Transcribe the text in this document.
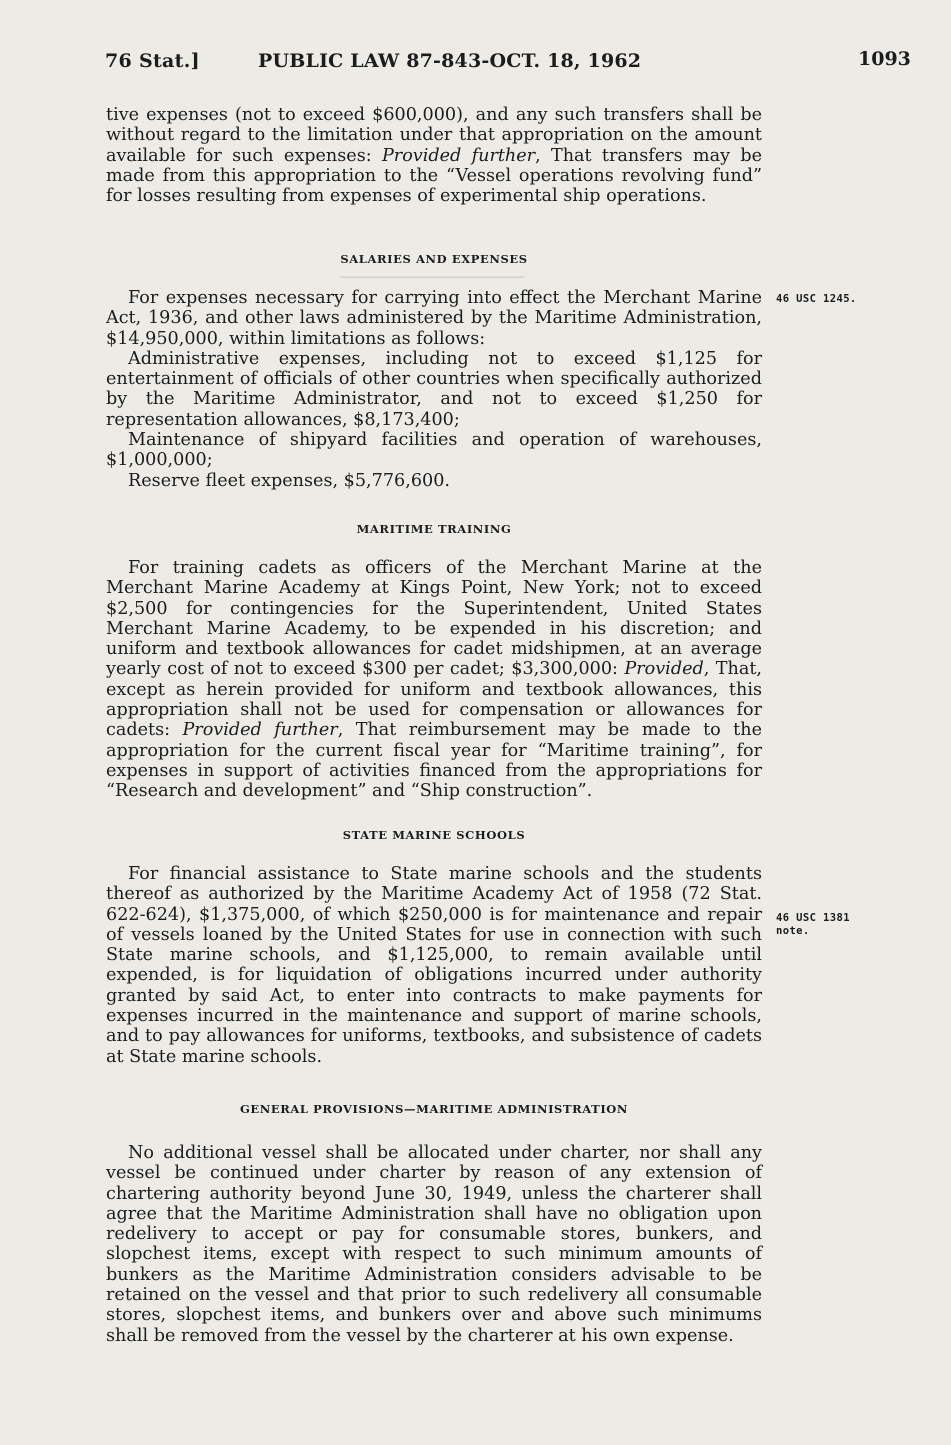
──────────────────
76 Stat.]	PUBLIC LAW 87-843-OCT. 18, 1962	1093

tive expenses (not to exceed $600,000), and any such transfers shall be without regard to the limitation under that appropriation on the amount available for such expenses: Provided further, That transfers may be made from this appropriation to the “Vessel operations revolving fund” for losses resulting from expenses of experimental ship operations.

SALARIES AND EXPENSES

For expenses necessary for carrying into effect the Merchant Marine Act, 1936, and other laws administered by the Maritime Administration, $14,950,000, within limitations as follows:

Administrative expenses, including not to exceed $1,125 for entertainment of officials of other countries when specifically authorized by the Maritime Administrator, and not to exceed $1,250 for representation allowances, $8,173,400;

Maintenance of shipyard facilities and operation of warehouses, $1,000,000;

Reserve fleet expenses, $5,776,600.

MARITIME TRAINING

For training cadets as officers of the Merchant Marine at the Merchant Marine Academy at Kings Point, New York; not to exceed $2,500 for contingencies for the Superintendent, United States Merchant Marine Academy, to be expended in his discretion; and uniform and textbook allowances for cadet midshipmen, at an average yearly cost of not to exceed $300 per cadet; $3,300,000: Provided, That, except as herein provided for uniform and textbook allowances, this appropriation shall not be used for compensation or allowances for cadets: Provided further, That reimbursement may be made to the appropriation for the current fiscal year for “Maritime training”, for expenses in support of activities financed from the appropriations for “Research and development” and “Ship construction”.

STATE MARINE SCHOOLS

For financial assistance to State marine schools and the students thereof as authorized by the Maritime Academy Act of 1958 (72 Stat. 622-624), $1,375,000, of which $250,000 is for maintenance and repair of vessels loaned by the United States for use in connection with such State marine schools, and $1,125,000, to remain available until expended, is for liquidation of obligations incurred under authority granted by said Act, to enter into contracts to make payments for expenses incurred in the maintenance and support of marine schools, and to pay allowances for uniforms, textbooks, and subsistence of cadets at State marine schools.

GENERAL PROVISIONS—MARITIME ADMINISTRATION

No additional vessel shall be allocated under charter, nor shall any vessel be continued under charter by reason of any extension of chartering authority beyond June 30, 1949, unless the charterer shall agree that the Maritime Administration shall have no obligation upon redelivery to accept or pay for consumable stores, bunkers, and slopchest items, except with respect to such minimum amounts of bunkers as the Maritime Administration considers advisable to be retained on the vessel and that prior to such redelivery all consumable stores, slopchest items, and bunkers over and above such minimums shall be removed from the vessel by the charterer at his own expense.

46 USC 1245.
46 USC 1381 note.
